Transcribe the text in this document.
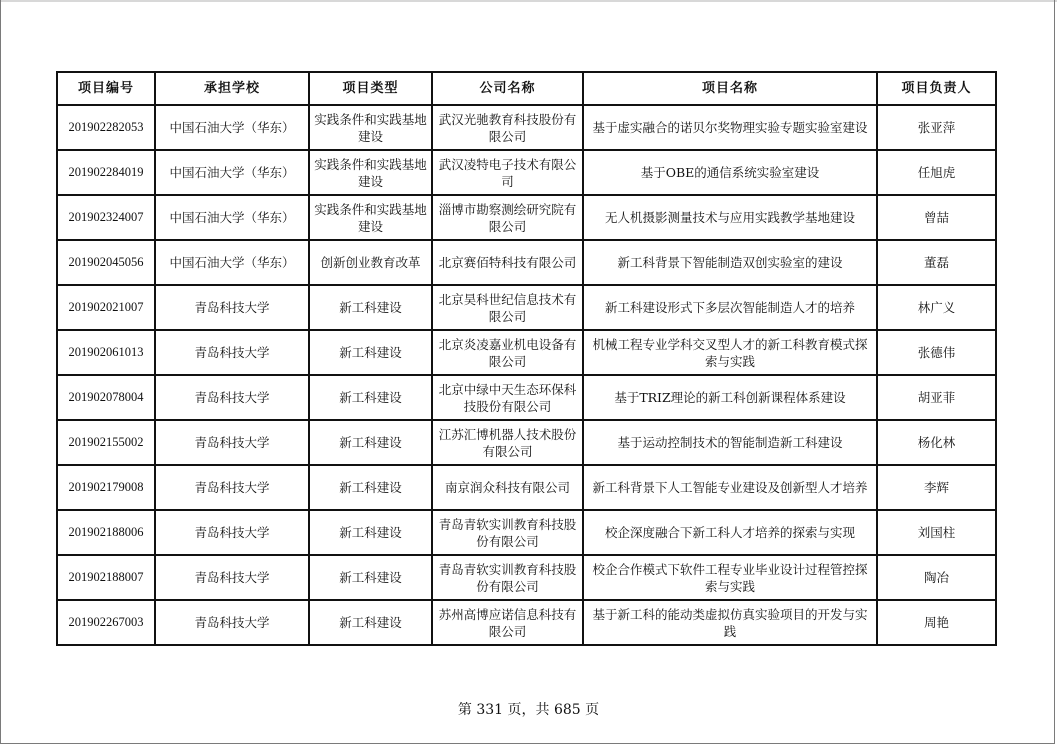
项目编号	承担学校	项目类型	公司名称	项目名称	项目负责人
201902282053	中国石油大学（华东）	实践条件和实践基地建设	武汉光驰教育科技股份有限公司	基于虚实融合的诺贝尔奖物理实验专题实验室建设	张亚萍
201902284019	中国石油大学（华东）	实践条件和实践基地建设	武汉凌特电子技术有限公司	基于OBE的通信系统实验室建设	任旭虎
201902324007	中国石油大学（华东）	实践条件和实践基地建设	淄博市勘察测绘研究院有限公司	无人机摄影测量技术与应用实践教学基地建设	曾喆
201902045056	中国石油大学（华东）	创新创业教育改革	北京赛佰特科技有限公司	新工科背景下智能制造双创实验室的建设	董磊
201902021007	青岛科技大学	新工科建设	北京昊科世纪信息技术有限公司	新工科建设形式下多层次智能制造人才的培养	林广义
201902061013	青岛科技大学	新工科建设	北京炎凌嘉业机电设备有限公司	机械工程专业学科交叉型人才的新工科教育模式探索与实践	张德伟
201902078004	青岛科技大学	新工科建设	北京中绿中天生态环保科技股份有限公司	基于TRIZ理论的新工科创新课程体系建设	胡亚菲
201902155002	青岛科技大学	新工科建设	江苏汇博机器人技术股份有限公司	基于运动控制技术的智能制造新工科建设	杨化林
201902179008	青岛科技大学	新工科建设	南京润众科技有限公司	新工科背景下人工智能专业建设及创新型人才培养	李辉
201902188006	青岛科技大学	新工科建设	青岛青软实训教育科技股份有限公司	校企深度融合下新工科人才培养的探索与实现	刘国柱
201902188007	青岛科技大学	新工科建设	青岛青软实训教育科技股份有限公司	校企合作模式下软件工程专业毕业设计过程管控探索与实践	陶冶
201902267003	青岛科技大学	新工科建设	苏州高博应诺信息科技有限公司	基于新工科的能动类虚拟仿真实验项目的开发与实践	周艳
第 331 页，共 685 页
